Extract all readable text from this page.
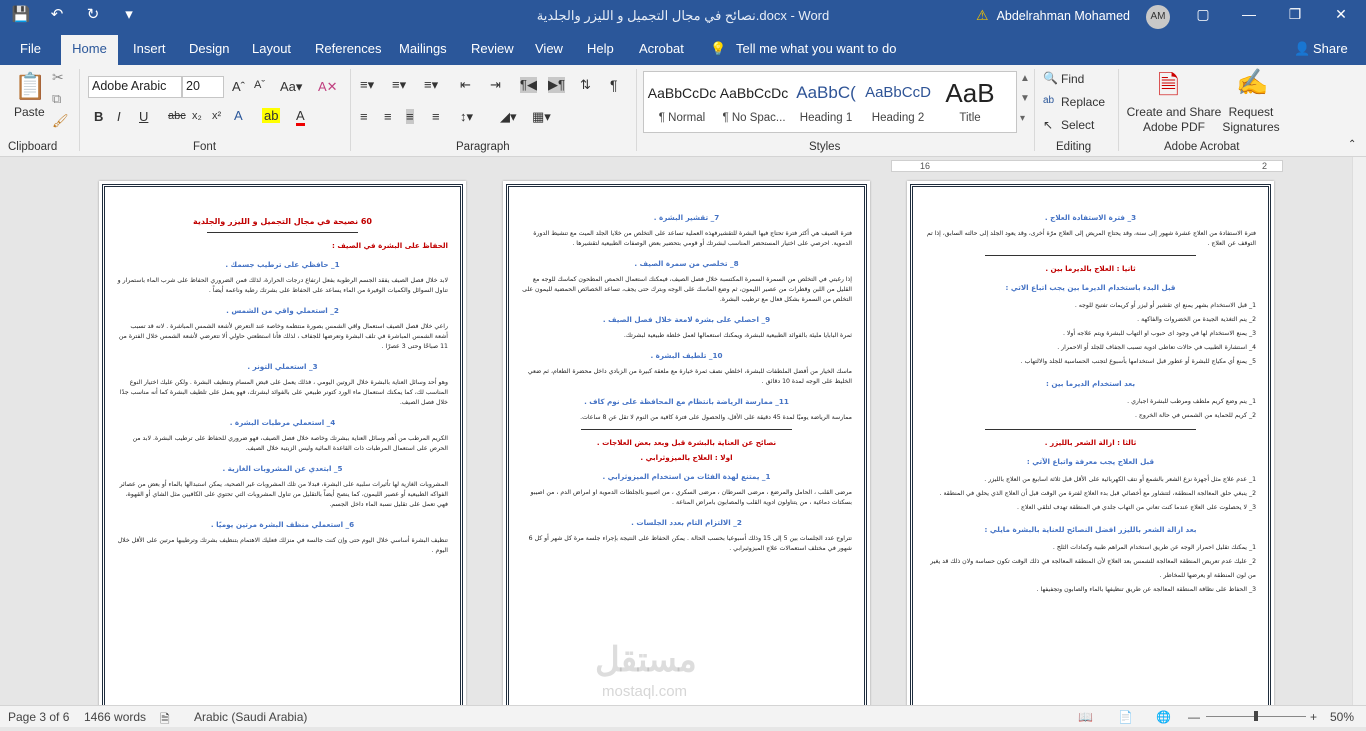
💾	↶	↻	▾	نصائح في مجال التجميل و الليزر والجلدية.docx - Word	⚠ Abdelrahman Mohamed	AM	▢	—	❐	✕
File	Home	Insert Design Layout References Mailings Review View Help Acrobat 💡 Tell me what you want to do	👤 Share
📋
Paste
✂
⧉
🖌
Clipboard
Adobe Arabic	20	Aˆ Aˇ Aa▾ A✕
B I U abc x₂ x² A ab A
Font
≡▾ ≡▾ ≡▾ ⇤ ⇥ ¶◀ ▶¶ ⇅ ¶
≡ ≡ ≡ ≡ ↕▾ ◢▾ ▦▾
Paragraph
AaBbCcDc
¶ Normal
AaBbCcDc
¶ No Spac...
AaBbC(
Heading 1
AaBbCcD
Heading 2
AaB
Title
▲
▼
▾
Styles
🔍 Find
ab Replace
↖ Select
Editing
🗎
Create and Share Adobe PDF
✍
Request Signatures
Adobe Acrobat	⌃
16	2
60 نصيحة في مجال التجميل و الليزر والجلدية
الحفاظ على البشرة في الصيف :
1_ حافظي على ترطيب جسمك .
لابد خلال فصل الصيف يفقد الجسم الرطوبة بفعل ارتفاع درجات الحرارة، لذلك فمن الضروري الحفاظ على شرب الماء باستمرار و تناول السوائل والكميات الوفيرة من الماء يساعد على الحفاظ على بشرتك رطبة وناعمة أيضاً .
2_ استعملي واقي من الشمس .
راعي خلال فصل الصيف استعمال واقي الشمس بصورة منتظمة وخاصة عند التعرض لأشعة الشمس المباشرة . لانه قد تسبب أشعة الشمس المباشرة في تلف البشرة وتعرضها للجفاف ، لذلك فأنا استطعتي حاولي ألا تتعرضي لأشعة الشمس خلال الفترة من 11 صباحًا وحتى 3 عصرًا .
3_ استعملي التونر .
وهو أحد وسائل العناية بالبشرة خلال الروتين اليومي ، فذلك يعمل على قبض المسام وتنظيف البشرة . ولكن عليك اختيار النوع المناسب لك، كما يمكنك استعمال ماء الورد كتونر طبيعي على بالفوائد لبشرتك، فهو يعمل على تلطيف البشرة كما أنه مناسب جدًا خلال فصل الصيف.
4_ استعملي مرطبات البشرة .
الكريم المرطب من أهم وسائل العناية ببشرتك وخاصة خلال فصل الصيف، فهو ضروري للحفاظ على ترطيب البشرة. لابد من الحرص على استعمال المرطبات ذات القاعدة المائية وليس الزيتية خلال الصيف.
5_ ابتعدي عن المشروبات الغازية .
المشروبات الغازية لها تأثيرات سلبية على البشرة، فبدلا من تلك المشروبات غير الصحية، يمكن استبدالها بالماء أو بعض من عصائر الفواكه الطبيعية أو عصير الليمون، كما ينصح أيضاً بالتقليل من تناول المشروبات التي تحتوي على الكافيين مثل الشاي أو القهوة، فهي تعمل على تقليل نسبة الماء داخل الجسم.
6_ استعملي منظف البشرة مرتين يوميًا .
تنظيف البشرة أساسي خلال اليوم حتى وإن كنت جالسة في منزلك فعليك الاهتمام بتنظيف بشرتك وترطيبها مرتين على الأقل خلال اليوم .
7_ تقشير البشرة .
فترة الصيف هي أكثر فترة تحتاج فيها البشرة للتقشيرفهذه العملية تساعد على التخلص من خلايا الجلد الميت مع تنشيط الدورة الدموية. احرصي على اختيار المستحضر المناسب لبشرتك أو قومي بتحضير بعض الوصفات الطبيعية لتقشيرها .
8_ تخلصي من سمرة الصيف .
إذا رغبتي في التخلص من السمرة السمرة المكتسبة خلال فصل الصيف، فيمكنك استعمال الحمص المطحون كماسك للوجه مع القليل من اللبن وقطرات من عصير الليمون، ثم وضع الماسك على الوجه وبترك حتى يجف، تساعد الخصائص الحمضية لليمون على التخلص من السمرة بشكل فعال مع ترطيب البشرة.
9_ احصلي على بشرة لامعة خلال فصل الصيف .
ثمرة البابايا مليئة بالفوائد الطبيعية للبشرة، ويمكنك استعمالها لعمل خلطة طبيعية لبشرتك.
10_ تلطيف البشرة .
ماسك الخيار من أفضل الملطفات للبشرة، اخلطي نصف ثمرة خيارة مع ملعقة كبيرة من الزبادي داخل محضرة الطعام، ثم ضعي الخليط على الوجه لمدة 10 دقائق .
11_ ممارسة الرياضة بانتظام مع المحافظة على نوم كاف .
ممارسة الرياضة يوميًا لمدة 45 دقيقة على الأقل، والحصول على فترة كافية من النوم لا تقل عن 8 ساعات.
نصائح عن العناية بالبشرة قبل وبعد بعض العلاجات .
اولا : العلاج بالميزوثرابي .
1_ يمتنع لهذة الفئات من استخدام الميزوثرابي .
مرضى القلب ، الحامل والمرضع ، مرضى السرطان ، مرضى السكري ، من اصيبو بالجلطات الدموية او امراض الدم ، من اصيبو بسكتات دماغية ، من يتناولون ادوية القلب والمصابون بامراض المناعة .
2_ الالتزام التام بعدد الجلسات .
تتراوح عدد الجلسات بين 5 إلى 15 وذلك أسبوعيا بحسب الحالة . يمكن الحفاظ على النتيجة بإجراء جلسة مرة كل شهر أو كل 6 شهور في مختلف استعمالات علاج الميزوثيرابي .
3_ فترة الاستفادة العلاج .
فترة الاستفادة من العلاج عشرة شهور إلى سنة، وقد يحتاج المريض إلى العلاج مرّة أخرى، وقد يعود الجلد إلى حالته السابق، إذا تم التوقف عن العلاج .
ثانيا : العلاج بالديرما بين .
قبل البدء باستخدام الديرما بين يجب اتباع الاتي :
1_ قبل الاستخدام بشهر يمنع اي تقشير أو ليزر أو كريمات تفتيح للوجه .
2_ ينم التغذية الجيدة من الخضروات والفاكهة .
3_ يمنع الاستخدام لها في وجود اى حبوب او التهاب للبشرة ويتم علاجه أولا .
4_ استشارة الطبيب في حالات تعاطى ادوية تسبب الجفاف للجلد أو الاحمرار .
5_ يمنع أي مكياج للبشرة أو عطور قبل استخدامها بأسبوع لتجنب الحساسية للجلد والالتهاب .
بعد استخدام الديرما بين :
1_ ينم وضع كريم ملطف ومرطب للبشرة اجباري .
2_ كريم للحماية من الشمس في حالة الخروج .
ثالثا : ازالة الشعر بالليزر .
قبل العلاج يجب معرفة واتباع الآتي :
1_ عدم علاج مثل أجهزة نزع الشعر بالشمع أو نتف الكهربائية على الأقل قبل ثلاثة اسابيع من العلاج بالليزر .
2_ ينبغي حلق المعالجة المنطقة، لتتشاور مع أخصائي قبل بدء العلاج لفترة من الوقت قبل أن العلاج الذي يحلق في المنطقة .
3_ لا يحصلوت على العلاج عندما كنت تعاني من التهاب جلدي في المنطقة تهدف لتلقي العلاج .
بعد ازالة الشعر بالليزر افضل النصائح للعناية بالبشرة مايلي :
1_ يمكنك تقليل احمرار الوجه عن طريق استخدام المراهم طبية وكمادات الثلج .
2_ عليك عدم تعريض المنطقة المعالجة للشمس بعد العلاج لأن المنطقة المعالجة في ذلك الوقت تكون حساسة ولان ذلك قد يغير من لون المنطقة او يعرضها للمخاطر .
3_ الحفاظ على نظافة المنطقة المعالجة عن طريق تنظيفها بالماء والصابون وتجفيفها .
مستقل
mostaql.com
Page 3 of 6 1466 words 🗎 Arabic (Saudi Arabia)	📖 📄 🌐 —	+ 50%
